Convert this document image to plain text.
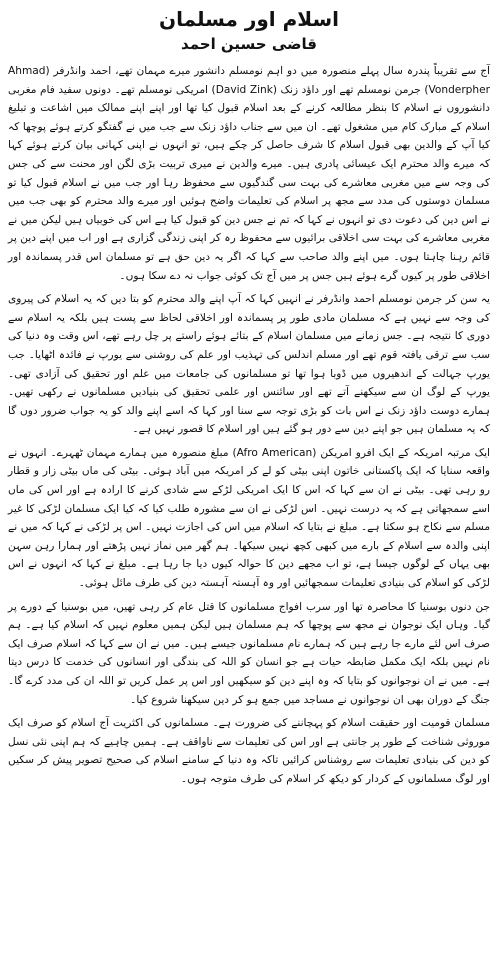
اسلام اور مسلمان
قاضی حسین احمد

آج سے تقریباً پندرہ سال پہلے منصورہ میں دو اہم نومسلم دانشور میرے مہمان تھے، احمد وانڈرفر (Ahmad Vonderpher) جرمن نومسلم تھے اور داؤد زنک (David Zink) امریکی نومسلم تھے۔ دونوں سفید فام مغربی دانشوروں نے اسلام کا بنظر مطالعہ کرنے کے بعد اسلام قبول کیا تھا اور اپنے اپنے ممالک میں اشاعت و تبلیغ اسلام کے مبارک کام میں مشغول تھے۔ ان میں سے جناب داؤد زنک سے جب میں نے گفتگو کرتے ہوئے پوچھا کہ کیا آپ کے والدین بھی قبول اسلام کا شرف حاصل کر چکے ہیں، تو انہوں نے اپنی کہانی بیان کرتے ہوئے کہا کہ میرے والد محترم ایک عیسائی پادری ہیں۔ میرے والدین نے میری تربیت بڑی لگن اور محنت سے کی جس کی وجہ سے میں مغربی معاشرے کی بہت سی گندگیوں سے محفوظ رہا اور جب میں نے اسلام قبول کیا تو مسلمان دوستوں کی مدد سے مجھ پر اسلام کی تعلیمات واضح ہوئیں اور میرے والد محترم کو بھی جب میں نے اس دین کی دعوت دی تو انہوں نے کہا کہ تم نے جس دین کو قبول کیا ہے اس کی خوبیاں ہیں لیکن میں نے مغربی معاشرے کی بہت سی اخلاقی برائیوں سے محفوظ رہ کر اپنی زندگی گزاری ہے اور اب میں اپنے دین پر قائم رہنا چاہتا ہوں۔ میں اپنے والد صاحب سے کہا کہ اگر یہ دین حق ہے تو مسلمان اس قدر پسماندہ اور اخلاقی طور پر کیوں گرے ہوئے ہیں جس پر میں آج تک کوئی جواب نہ دے سکا ہوں۔

یہ سن کر جرمن نومسلم احمد وانڈرفر نے انہیں کہا کہ آپ اپنے والد محترم کو بتا دیں کہ یہ اسلام کی پیروی کی وجہ سے نہیں ہے کہ مسلمان مادی طور پر پسماندہ اور اخلاقی لحاظ سے پست ہیں بلکہ یہ اسلام سے دوری کا نتیجہ ہے۔ جس زمانے میں مسلمان اسلام کے بتائے ہوئے راستے پر چل رہے تھے، اس وقت وہ دنیا کی سب سے ترقی یافتہ قوم تھے اور مسلم اندلس کی تہذیب اور علم کی روشنی سے یورپ نے فائدہ اٹھایا۔ جب یورپ جہالت کے اندھیروں میں ڈوبا ہوا تھا تو مسلمانوں کی جامعات میں علم اور تحقیق کی آزادی تھی۔ یورپ کے لوگ ان سے سیکھنے آتے تھے اور سائنس اور علمی تحقیق کی بنیادیں مسلمانوں نے رکھی تھیں۔ ہمارے دوست داؤد زنک نے اس بات کو بڑی توجہ سے سنا اور کہا کہ اسے اپنے والد کو یہ جواب ضرور دوں گا کہ یہ مسلمان ہیں جو اپنے دین سے دور ہو گئے ہیں اور اسلام کا قصور نہیں ہے۔

ایک مرتبہ امریکہ کے ایک افرو امریکن (Afro American) مبلغ منصورہ میں ہمارے مہمان ٹھہرے۔ انہوں نے واقعہ سنایا کہ ایک پاکستانی خاتون اپنی بیٹی کو لے کر امریکہ میں آباد ہوئی۔ بیٹی کی ماں بیٹی زار و قطار رو رہی تھی۔ بیٹی نے ان سے کہا کہ اس کا ایک امریکی لڑکے سے شادی کرنے کا ارادہ ہے اور اس کی ماں اسے سمجھاتی ہے کہ یہ درست نہیں۔ اس لڑکی نے ان سے مشورہ طلب کیا کہ کیا ایک مسلمان لڑکی کا غیر مسلم سے نکاح ہو سکتا ہے۔ مبلغ نے بتایا کہ اسلام میں اس کی اجازت نہیں۔ اس پر لڑکی نے کہا کہ میں نے اپنی والدہ سے اسلام کے بارے میں کبھی کچھ نہیں سیکھا۔ ہم گھر میں نماز نہیں پڑھتے اور ہمارا رہن سہن بھی یہاں کے لوگوں جیسا ہے، تو اب مجھے دین کا حوالہ کیوں دیا جا رہا ہے۔ مبلغ نے کہا کہ انہوں نے اس لڑکی کو اسلام کی بنیادی تعلیمات سمجھائیں اور وہ آہستہ آہستہ دین کی طرف مائل ہوئی۔

جن دنوں بوسنیا کا محاصرہ تھا اور سرب افواج مسلمانوں کا قتل عام کر رہی تھیں، میں بوسنیا کے دورے پر گیا۔ وہاں ایک نوجوان نے مجھ سے پوچھا کہ ہم مسلمان ہیں لیکن ہمیں معلوم نہیں کہ اسلام کیا ہے۔ ہم صرف اس لئے مارے جا رہے ہیں کہ ہمارے نام مسلمانوں جیسے ہیں۔ میں نے ان سے کہا کہ اسلام صرف ایک نام نہیں بلکہ ایک مکمل ضابطہ حیات ہے جو انسان کو اللہ کی بندگی اور انسانوں کی خدمت کا درس دیتا ہے۔ میں نے ان نوجوانوں کو بتایا کہ وہ اپنے دین کو سیکھیں اور اس پر عمل کریں تو اللہ ان کی مدد کرے گا۔ جنگ کے دوران بھی ان نوجوانوں نے مساجد میں جمع ہو کر دین سیکھنا شروع کیا۔

مسلمان قومیت اور حقیقت اسلام کو پہچاننے کی ضرورت ہے۔ مسلمانوں کی اکثریت آج اسلام کو صرف ایک موروثی شناخت کے طور پر جانتی ہے اور اس کی تعلیمات سے ناواقف ہے۔ ہمیں چاہیے کہ ہم اپنی نئی نسل کو دین کی بنیادی تعلیمات سے روشناس کرائیں تاکہ وہ دنیا کے سامنے اسلام کی صحیح تصویر پیش کر سکیں اور لوگ مسلمانوں کے کردار کو دیکھ کر اسلام کی طرف متوجہ ہوں۔
